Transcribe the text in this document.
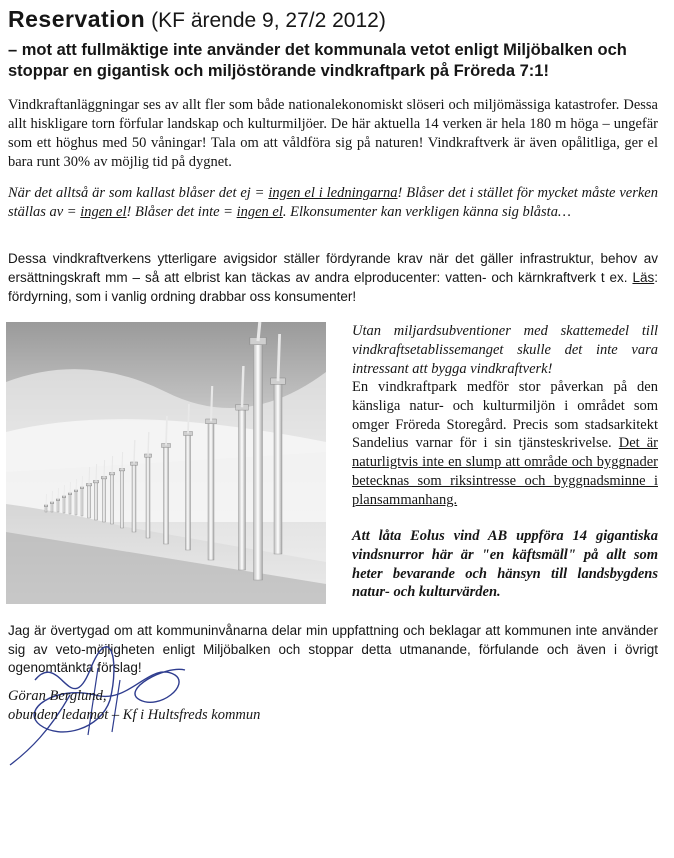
Reservation (KF ärende 9, 27/2 2012)
– mot att fullmäktige inte använder det kommunala vetot enligt Miljöbalken och stoppar en gigantisk och miljöstörande vindkraftpark på Fröreda 7:1!
Vindkraftanläggningar ses av allt fler som både nationalekonomiskt slöseri och miljömässiga katastrofer. Dessa allt hiskligare torn förfular landskap och kulturmiljöer. De här aktuella 14 verken är hela 180 m höga – ungefär som ett höghus med 50 våningar! Tala om att våldföra sig på naturen! Vindkraftverk är även opålitliga, ger el bara runt 30% av möjlig tid på dygnet.
När det alltså är som kallast blåser det ej = ingen el i ledningarna! Blåser det i stället för mycket måste verken ställas av = ingen el! Blåser det inte = ingen el. Elkonsumenter kan verkligen känna sig blåsta…
Dessa vindkraftverkens ytterligare avigsidor ställer fördyrande krav när det gäller infrastruktur, behov av ersättningskraft mm – så att elbrist kan täckas av andra elproducenter: vatten- och kärnkraftverk t ex. Läs: fördyrning, som i vanlig ordning drabbar oss konsumenter!
Utan miljardsubventioner med skattemedel till vindkraftsetablissemanget skulle det inte vara intressant att bygga vindkraftverk!
En vindkraftpark medför stor påverkan på den känsliga natur- och kulturmiljön i området som omger Fröreda Storegård. Precis som stadsarkitekt Sandelius varnar för i sin tjänsteskrivelse. Det är naturligtvis inte en slump att område och byggnader betecknas som riksintresse och byggnadsminne i plansammanhang.
Att låta Eolus vind AB uppföra 14 gigantiska vindsnurror här är "en käftsmäll" på allt som heter bevarande och hänsyn till landsbygdens natur- och kulturvärden.
Jag är övertygad om att kommuninvånarna delar min uppfattning och beklagar att kommunen inte använder sig av veto-möjligheten enligt Miljöbalken och stoppar detta utmanande, förfulande och även i övrigt ogenomtänkta förslag!
Göran Berglund,
obunden ledamot – Kf i Hultsfreds kommun
